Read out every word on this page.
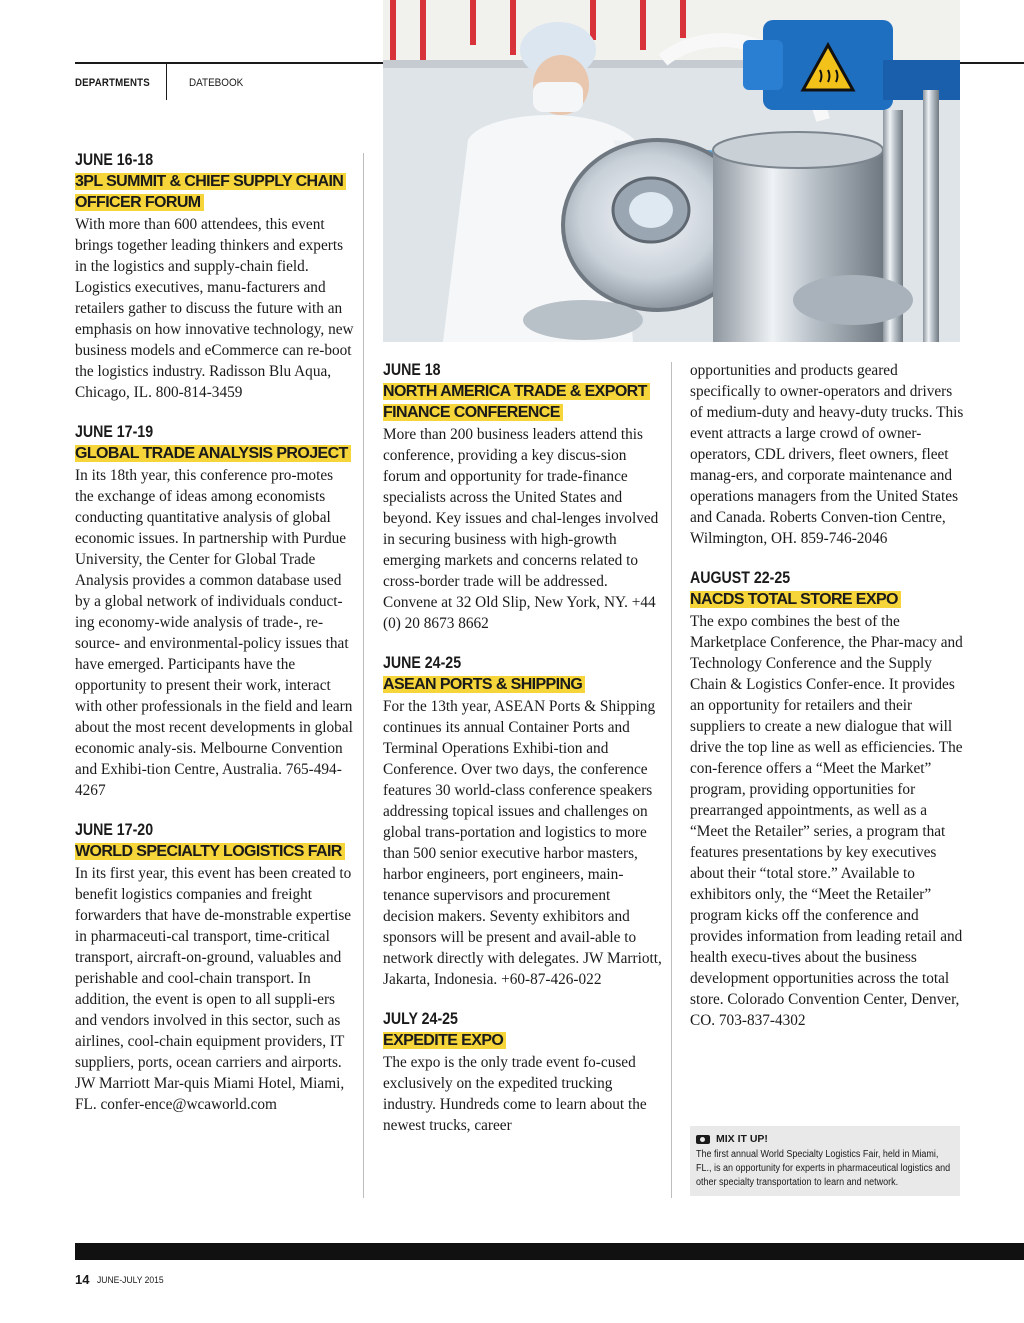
DEPARTMENTS	DATEBOOK
JUNE 16-18
3PL SUMMIT & CHIEF SUPPLY CHAIN OFFICER FORUM
With more than 600 attendees, this event brings together leading thinkers and experts in the logistics and supply-chain field. Logistics executives, manu-facturers and retailers gather to discuss the future with an emphasis on how innovative technology, new business models and eCommerce can re-boot the logistics industry. Radisson Blu Aqua, Chicago, IL. 800-814-3459
JUNE 17-19
GLOBAL TRADE ANALYSIS PROJECT
In its 18th year, this conference pro-motes the exchange of ideas among economists conducting quantitative analysis of global economic issues. In partnership with Purdue University, the Center for Global Trade Analysis provides a common database used by a global network of individuals conduct-ing economy-wide analysis of trade-, re-source- and environmental-policy issues that have emerged. Participants have the opportunity to present their work, interact with other professionals in the field and learn about the most recent developments in global economic analy-sis. Melbourne Convention and Exhibi-tion Centre, Australia. 765-494-4267
JUNE 17-20
WORLD SPECIALTY LOGISTICS FAIR
In its first year, this event has been created to benefit logistics companies and freight forwarders that have de-monstrable expertise in pharmaceuti-cal transport, time-critical transport, aircraft-on-ground, valuables and perishable and cool-chain transport. In addition, the event is open to all suppli-ers and vendors involved in this sector, such as airlines, cool-chain equipment providers, IT suppliers, ports, ocean carriers and airports. JW Marriott Mar-quis Miami Hotel, Miami, FL. confer-ence@wcaworld.com
JUNE 18
NORTH AMERICA TRADE & EXPORT FINANCE CONFERENCE
More than 200 business leaders attend this conference, providing a key discus-sion forum and opportunity for trade-finance specialists across the United States and beyond. Key issues and chal-lenges involved in securing business with high-growth emerging markets and concerns related to cross-border trade will be addressed. Convene at 32 Old Slip, New York, NY. +44 (0) 20 8673 8662
JUNE 24-25
ASEAN PORTS & SHIPPING
For the 13th year, ASEAN Ports & Shipping continues its annual Container Ports and Terminal Operations Exhibi-tion and Conference. Over two days, the conference features 30 world-class conference speakers addressing topical issues and challenges on global trans-portation and logistics to more than 500 senior executive harbor masters, harbor engineers, port engineers, main-tenance supervisors and procurement decision makers. Seventy exhibitors and sponsors will be present and avail-able to network directly with delegates. JW Marriott, Jakarta, Indonesia. +60-87-426-022
JULY 24-25
EXPEDITE EXPO
The expo is the only trade event fo-cused exclusively on the expedited trucking industry. Hundreds come to learn about the newest trucks, career
opportunities and products geared specifically to owner-operators and drivers of medium-duty and heavy-duty trucks. This event attracts a large crowd of owner-operators, CDL drivers, fleet owners, fleet manag-ers, and corporate maintenance and operations managers from the United States and Canada. Roberts Conven-tion Centre, Wilmington, OH. 859-746-2046
AUGUST 22-25
NACDS TOTAL STORE EXPO
The expo combines the best of the Marketplace Conference, the Phar-macy and Technology Conference and the Supply Chain & Logistics Confer-ence. It provides an opportunity for retailers and their suppliers to create a new dialogue that will drive the top line as well as efficiencies. The con-ference offers a “Meet the Market” program, providing opportunities for prearranged appointments, as well as a “Meet the Retailer” series, a program that features presentations by key executives about their “total store.” Available to exhibitors only, the “Meet the Retailer” program kicks off the conference and provides information from leading retail and health execu-tives about the business development opportunities across the total store. Colorado Convention Center, Denver, CO. 703-837-4302
MIX IT UP!
The first annual World Specialty Logistics Fair, held in Miami, FL., is an opportunity for experts in pharmaceutical logistics and other specialty transportation to learn and network.
14 JUNE-JULY 2015
